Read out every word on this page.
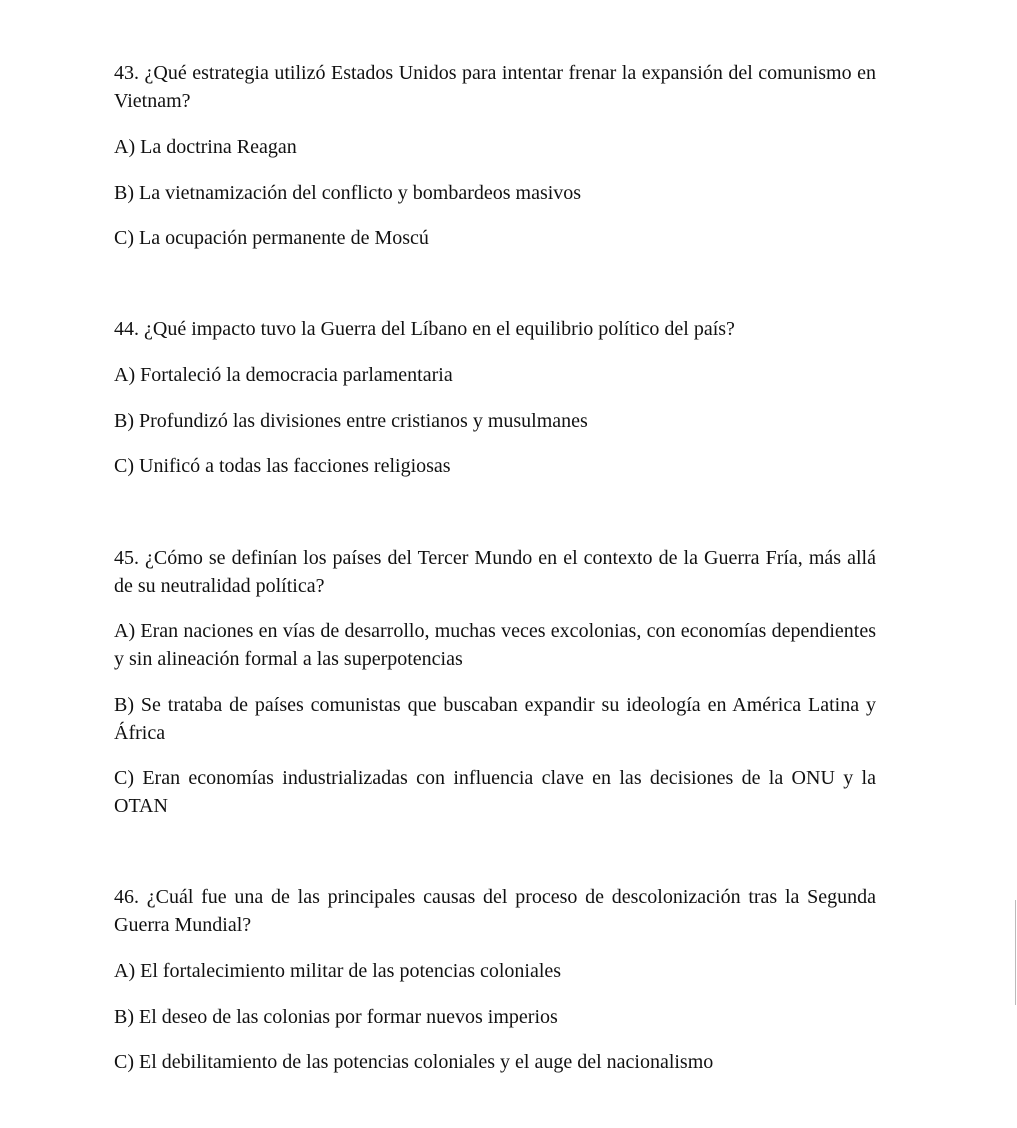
43. ¿Qué estrategia utilizó Estados Unidos para intentar frenar la expansión del comunismo en Vietnam?
A) La doctrina Reagan
B) La vietnamización del conflicto y bombardeos masivos
C) La ocupación permanente de Moscú
44. ¿Qué impacto tuvo la Guerra del Líbano en el equilibrio político del país?
A) Fortaleció la democracia parlamentaria
B) Profundizó las divisiones entre cristianos y musulmanes
C) Unificó a todas las facciones religiosas
45. ¿Cómo se definían los países del Tercer Mundo en el contexto de la Guerra Fría, más allá de su neutralidad política?
A) Eran naciones en vías de desarrollo, muchas veces excolonias, con economías dependientes y sin alineación formal a las superpotencias
B) Se trataba de países comunistas que buscaban expandir su ideología en América Latina y África
C) Eran economías industrializadas con influencia clave en las decisiones de la ONU y la OTAN
46. ¿Cuál fue una de las principales causas del proceso de descolonización tras la Segunda Guerra Mundial?
A) El fortalecimiento militar de las potencias coloniales
B) El deseo de las colonias por formar nuevos imperios
C) El debilitamiento de las potencias coloniales y el auge del nacionalismo
